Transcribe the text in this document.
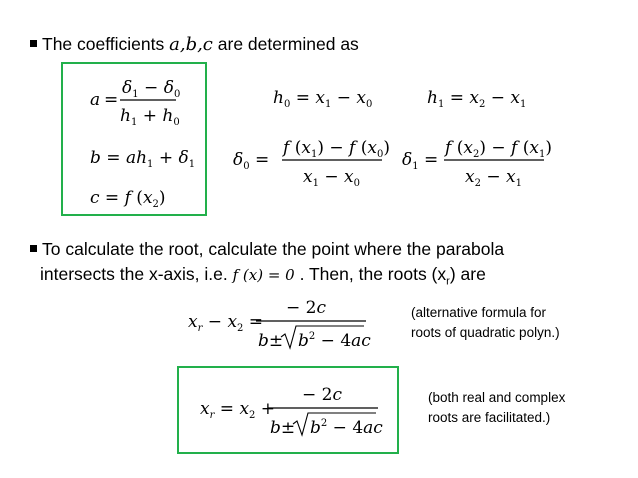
The coefficients a,b,c are determined as
To calculate the root, calculate the point where the parabola
intersects the x-axis, i.e. f (x) = 0 . Then, the roots $(x_r)$ are
(alternative formula for
roots of quadratic polyn.)
(both real and complex
roots are facilitated.)
a =
$\delta_1 - \delta_0$
$h_1 + h_0$
$b = ah_1 + \delta_1$
c = f $(x_2)$
$h_0 = x_1 - x_0$	$h_1 = x_2 - x_1$
$\delta_0$ =
f $(x_1) - f$ $(x_0)$
$x_1 - x_0$
$\delta_1$ =
f $(x_2) - f$ $(x_1)$
$x_2 - x_1$
$x_r - x_2$ =
− 2c
$b\pm b^2 - 4ac$
$x_r = x_2$ +
− 2c
$b\pm b^2 - 4ac$
